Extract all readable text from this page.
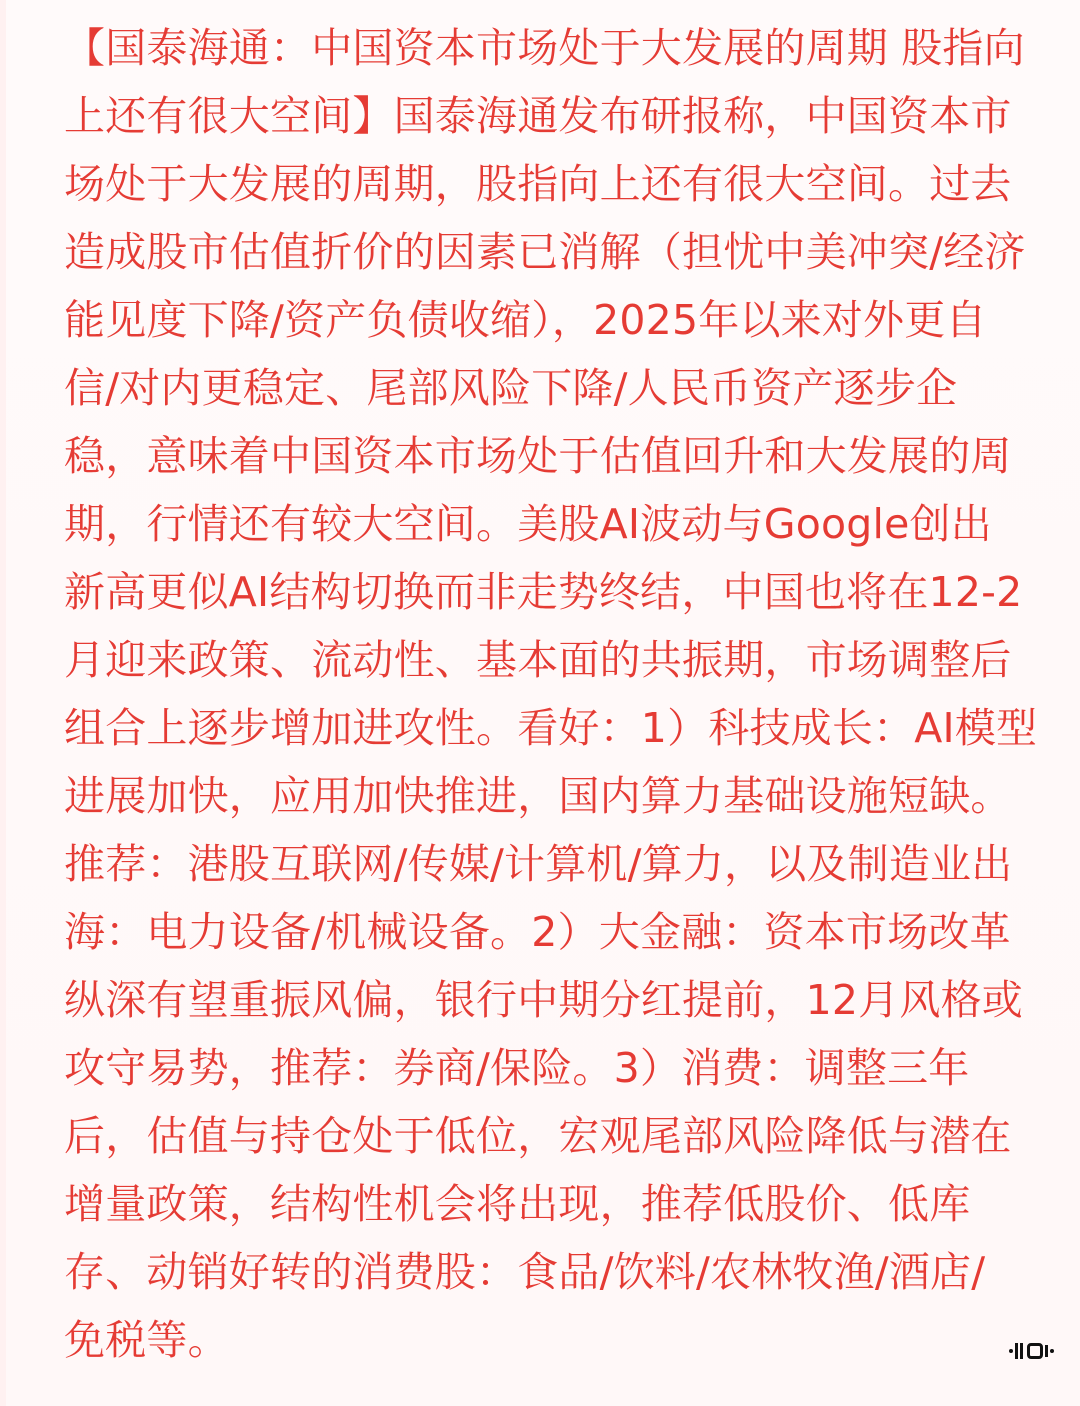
【国泰海通：中国资本市场处于大发展的周期 股指向
上还有很大空间】国泰海通发布研报称，中国资本市
场处于大发展的周期，股指向上还有很大空间。过去
造成股市估值折价的因素已消解（担忧中美冲突/经济
能见度下降/资产负债收缩），2025年以来对外更自
信/对内更稳定、尾部风险下降/人民币资产逐步企
稳，意味着中国资本市场处于估值回升和大发展的周
期，行情还有较大空间。美股AI波动与Google创出
新高更似AI结构切换而非走势终结，中国也将在12-2
月迎来政策、流动性、基本面的共振期，市场调整后
组合上逐步增加进攻性。看好：1）科技成长：AI模型
进展加快，应用加快推进，国内算力基础设施短缺。
推荐：港股互联网/传媒/计算机/算力，以及制造业出
海：电力设备/机械设备。2）大金融：资本市场改革
纵深有望重振风偏，银行中期分红提前，12月风格或
攻守易势，推荐：券商/保险。3）消费：调整三年
后，估值与持仓处于低位，宏观尾部风险降低与潜在
增量政策，结构性机会将出现，推荐低股价、低库
存、动销好转的消费股：食品/饮料/农林牧渔/酒店/
免税等。
